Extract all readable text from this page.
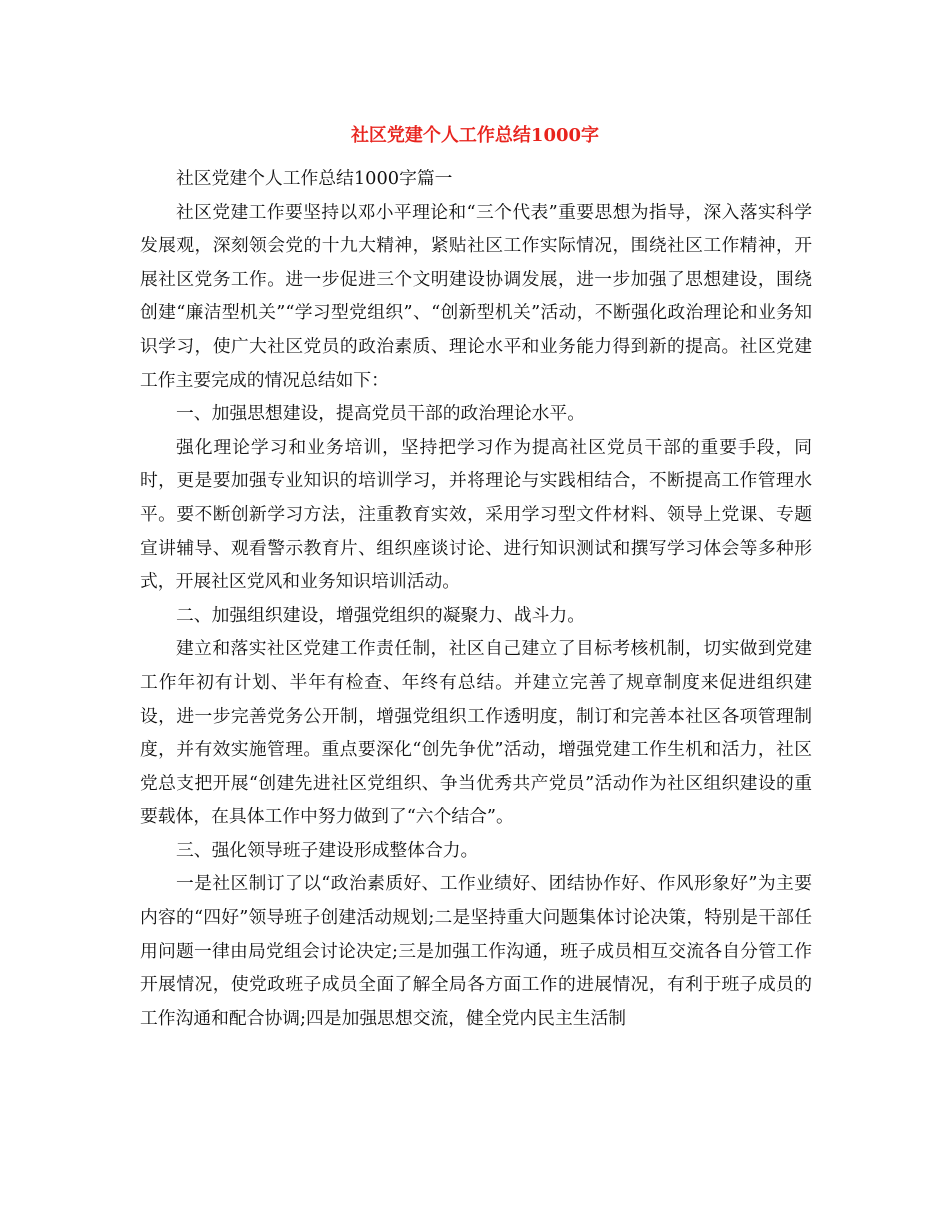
社区党建个人工作总结1000字

社区党建个人工作总结1000字篇一

社区党建工作要坚持以邓小平理论和“三个代表”重要思想为指导，深入落实科学发展观，深刻领会党的十九大精神，紧贴社区工作实际情况，围绕社区工作精神，开展社区党务工作。进一步促进三个文明建设协调发展，进一步加强了思想建设，围绕创建“廉洁型机关”“学习型党组织”、“创新型机关”活动，不断强化政治理论和业务知识学习，使广大社区党员的政治素质、理论水平和业务能力得到新的提高。社区党建工作主要完成的情况总结如下：

一、加强思想建设，提高党员干部的政治理论水平。

强化理论学习和业务培训，坚持把学习作为提高社区党员干部的重要手段，同时，更是要加强专业知识的培训学习，并将理论与实践相结合，不断提高工作管理水平。要不断创新学习方法，注重教育实效，采用学习型文件材料、领导上党课、专题宣讲辅导、观看警示教育片、组织座谈讨论、进行知识测试和撰写学习体会等多种形式，开展社区党风和业务知识培训活动。

二、加强组织建设，增强党组织的凝聚力、战斗力。

建立和落实社区党建工作责任制，社区自己建立了目标考核机制，切实做到党建工作年初有计划、半年有检查、年终有总结。并建立完善了规章制度来促进组织建设，进一步完善党务公开制，增强党组织工作透明度，制订和完善本社区各项管理制度，并有效实施管理。重点要深化“创先争优”活动，增强党建工作生机和活力，社区党总支把开展“创建先进社区党组织、争当优秀共产党员”活动作为社区组织建设的重要载体，在具体工作中努力做到了“六个结合”。

三、强化领导班子建设形成整体合力。

一是社区制订了以“政治素质好、工作业绩好、团结协作好、作风形象好”为主要内容的“四好”领导班子创建活动规划;二是坚持重大问题集体讨论决策，特别是干部任用问题一律由局党组会讨论决定;三是加强工作沟通，班子成员相互交流各自分管工作开展情况，使党政班子成员全面了解全局各方面工作的进展情况，有利于班子成员的工作沟通和配合协调;四是加强思想交流，健全党内民主生活制
